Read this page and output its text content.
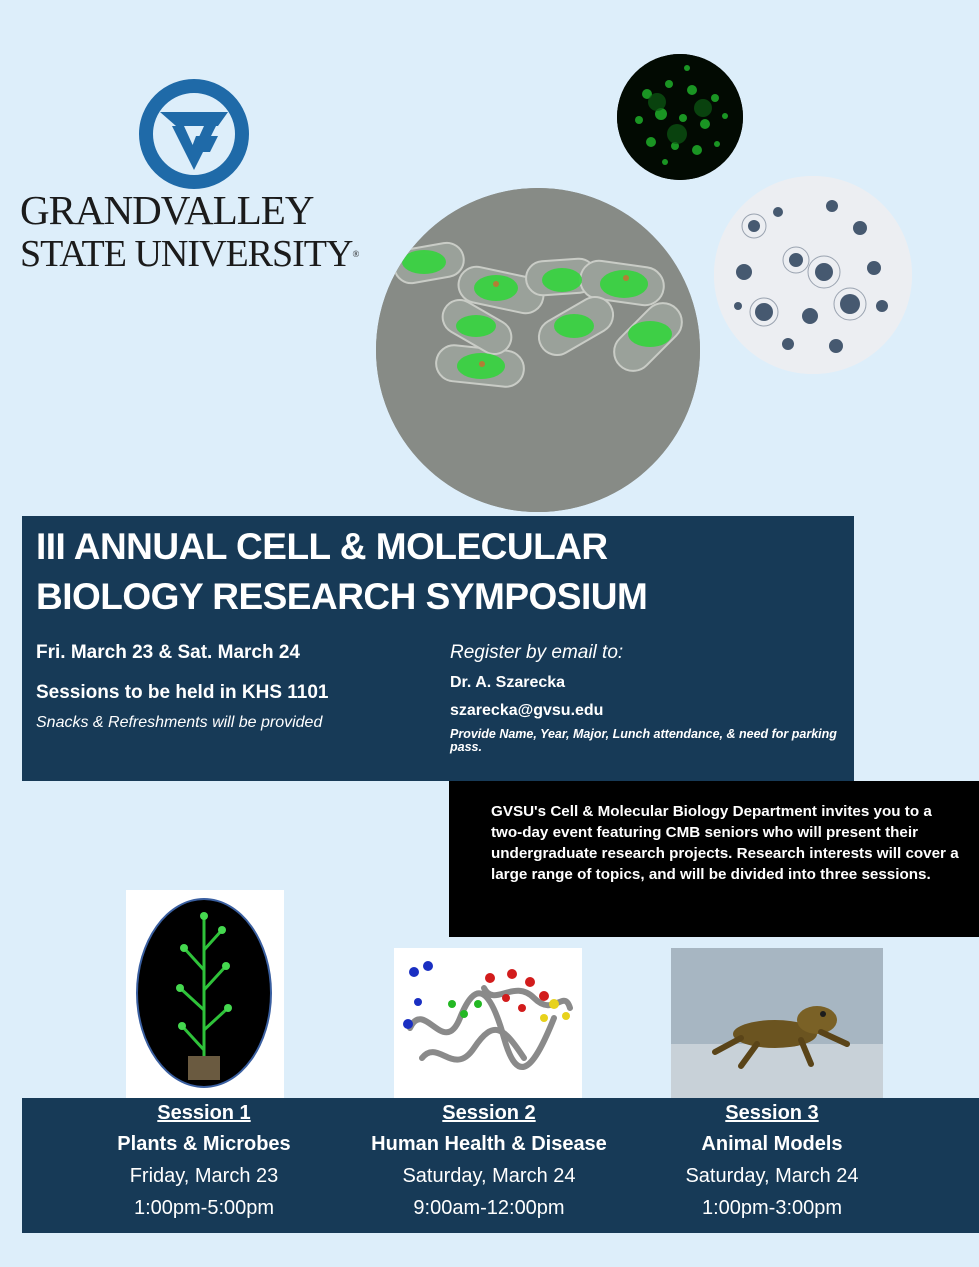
GRANDVALLEY
STATE UNIVERSITY®
III ANNUAL CELL & MOLECULAR
BIOLOGY RESEARCH SYMPOSIUM
Fri. March 23 & Sat. March 24
Sessions to be held in KHS 1101
Snacks & Refreshments will be provided
Register by email to:
Dr. A. Szarecka
szarecka@gvsu.edu
Provide Name, Year, Major, Lunch attendance, & need for parking pass.
GVSU's Cell & Molecular Biology Department invites you to a two-day event featuring CMB seniors who will present their undergraduate research projects. Research interests will cover a large range of topics, and will be divided into three sessions.
Session 1
Plants & Microbes
Friday, March 23
1:00pm-5:00pm
Session 2
Human Health & Disease
Saturday, March 24
9:00am-12:00pm
Session 3
Animal Models
Saturday, March 24
1:00pm-3:00pm
